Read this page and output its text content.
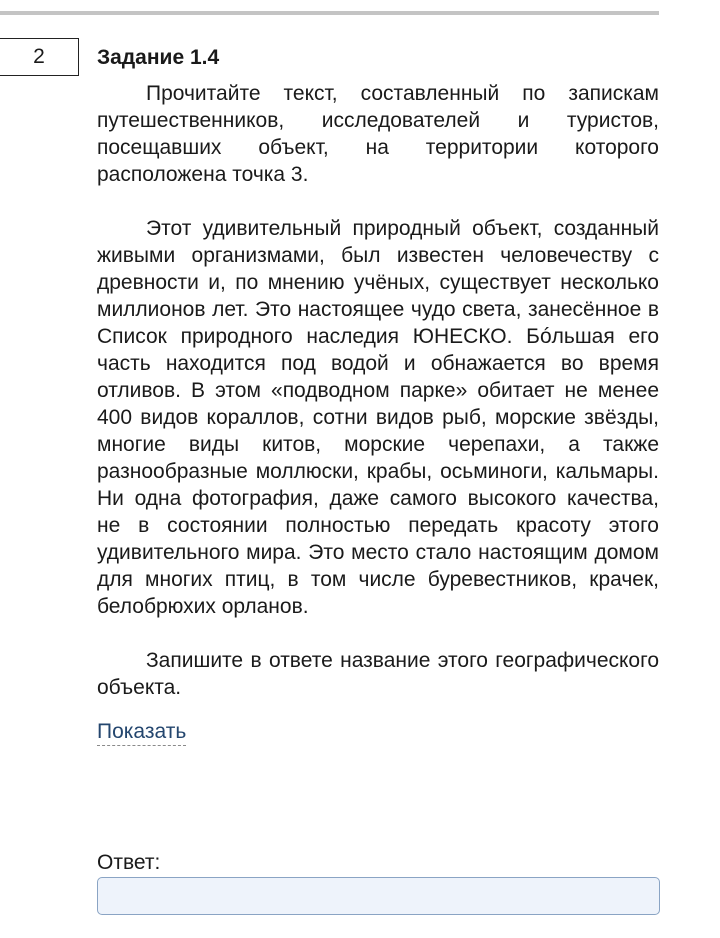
2 Задание 1.4

Прочитайте текст, составленный по запискам путешественников, исследователей и туристов, посещавших объект, на территории которого расположена точка 3.

Этот удивительный природный объект, созданный живыми организмами, был известен человечеству с древности и, по мнению учёных, существует несколько миллионов лет. Это настоящее чудо света, занесённое в Список природного наследия ЮНЕСКО. Бóльшая его часть находится под водой и обнажается во время отливов. В этом «подводном парке» обитает не менее 400 видов кораллов, сотни видов рыб, морские звёзды, многие виды китов, морские черепахи, а также разнообразные моллюски, крабы, осьминоги, кальмары. Ни одна фотография, даже самого высокого качества, не в состоянии полностью передать красоту этого удивительного мира. Это место стало настоящим домом для многих птиц, в том числе буревестников, крачек, белобрюхих орланов.

Запишите в ответе название этого географического объекта.

Показать
Ответ:
